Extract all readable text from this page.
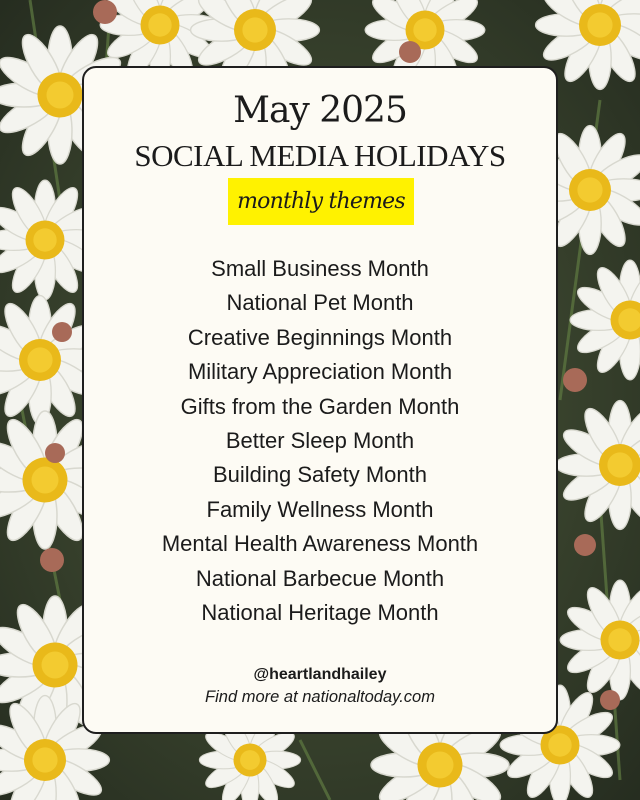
May 2025
SOCIAL MEDIA HOLIDAYS
monthly themes
Small Business Month
National Pet Month
Creative Beginnings Month
Military Appreciation Month
Gifts from the Garden Month
Better Sleep Month
Building Safety Month
Family Wellness Month
Mental Health Awareness Month
National Barbecue Month
National Heritage Month
@heartlandhailey
Find more at nationaltoday.com
